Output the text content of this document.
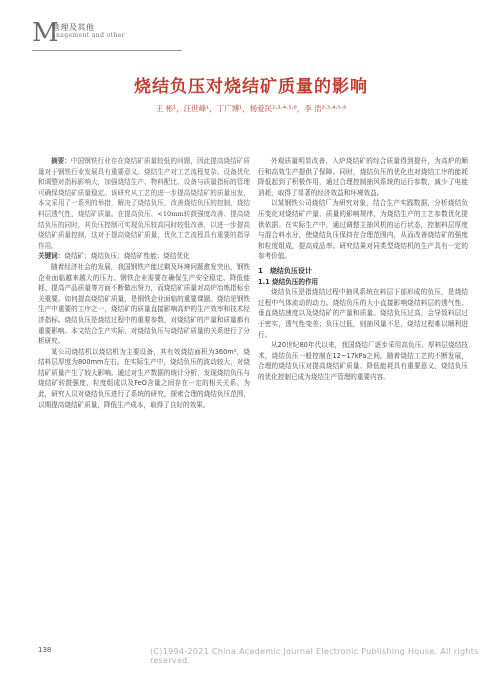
M
管理及其他
anagement and other
烧结负压对烧结矿质量的影响
王 彬¹，汪世峰¹，丁广博¹，杨爱民²·³·⁴·⁵·⁶，李 浩²·³·⁴·⁵·⁶

摘要：中国钢铁行业存在烧结矿质量较低的问题，因此提高烧结矿质量对于钢铁行业发展具有重要意义。烧结生产对工艺流程复杂、设备优化和调整对指标影响大，加强烧结生产、物料配比、设备与质量指标的管理可确保烧结矿质量稳定。该研究从工艺的进一步提高烧结矿的质量出发，本文采用了一系列的举措，解决了烧结负压，改善烧结负压的控制，烧结料层透气性，烧结矿质量。在提高负压、<10mm转鼓强度改善、提高烧结负压的同时，其负压控制可实现负压较高同时较低改善，以进一步提高烧结矿质量控制，这对于提高烧结矿质量，优化工艺流程具有重要的指导作用。

关键词：烧结矿；烧结负压；烧结矿性能；烧结优化

随着经济社会的发展，我国钢铁产能过剩及环境问题愈发突出，钢铁企业面临越来越大的压力。钢铁企业需要在确保生产安全稳定、降低能耗、提高产品质量等方面不断做出努力，而烧结矿质量对高炉冶炼指标至关重要。如何提高烧结矿质量，是钢铁企业面临的重要课题。烧结是钢铁生产中重要的工序之一，烧结矿的质量直接影响高炉的生产效率和技术经济指标。烧结负压是烧结过程中的重要参数，对烧结矿的产量和质量都有重要影响。本文结合生产实际，对烧结负压与烧结矿质量的关系进行了分析研究。

某公司烧结机以烧结机为主要设备，其有效烧结面积为360m²，烧结料层厚度为800mm左右。在实际生产中，烧结负压的波动较大，对烧结矿质量产生了较大影响。通过对生产数据的统计分析，发现烧结负压与烧结矿转鼓强度、粒度组成以及FeO含量之间存在一定的相关关系。为此，研究人员对烧结负压进行了系统的研究，探索合理的烧结负压范围，以期提高烧结矿质量，降低生产成本，取得了良好的效果。

外观质量明显改善，入炉烧结矿的综合质量得到提升，为高炉的顺行和高效生产提供了保障。同时，烧结负压的优化也对烧结工序的能耗降低起到了积极作用，通过合理控制抽风系统的运行参数，减少了电能消耗，取得了显著的经济效益和环境效益。

以某钢铁公司烧结厂为研究对象，结合生产实践数据，分析烧结负压变化对烧结矿产量、质量的影响规律，为烧结生产的工艺参数优化提供依据。在实际生产中，通过调整主抽风机的运行状态，控制料层厚度与混合料水分，使烧结负压保持在合理范围内，从而改善烧结矿的强度和粒度组成，提高成品率。研究结果对同类型烧结机的生产具有一定的参考价值。

1　烧结负压设计

1.1 烧结负压的作用

烧结负压是指烧结过程中抽风系统在料层下部形成的负压，是烧结过程中气体流动的动力。烧结负压的大小直接影响烧结料层的透气性、垂直烧结速度以及烧结矿的产量和质量。烧结负压过高，会导致料层过于密实，透气性变差；负压过低，则抽风量不足，烧结过程难以顺利进行。

从20世纪80年代以来，我国烧结厂逐步采用高负压、厚料层烧结技术，烧结负压一般控制在12~17kPa之间。随着烧结工艺的不断发展，合理的烧结负压对提高烧结矿质量、降低能耗具有重要意义，烧结负压的优化控制已成为烧结生产管理的重要内容。

138	(C)1994-2021 China Academic Journal Electronic Publishing House. All rights reserved.
